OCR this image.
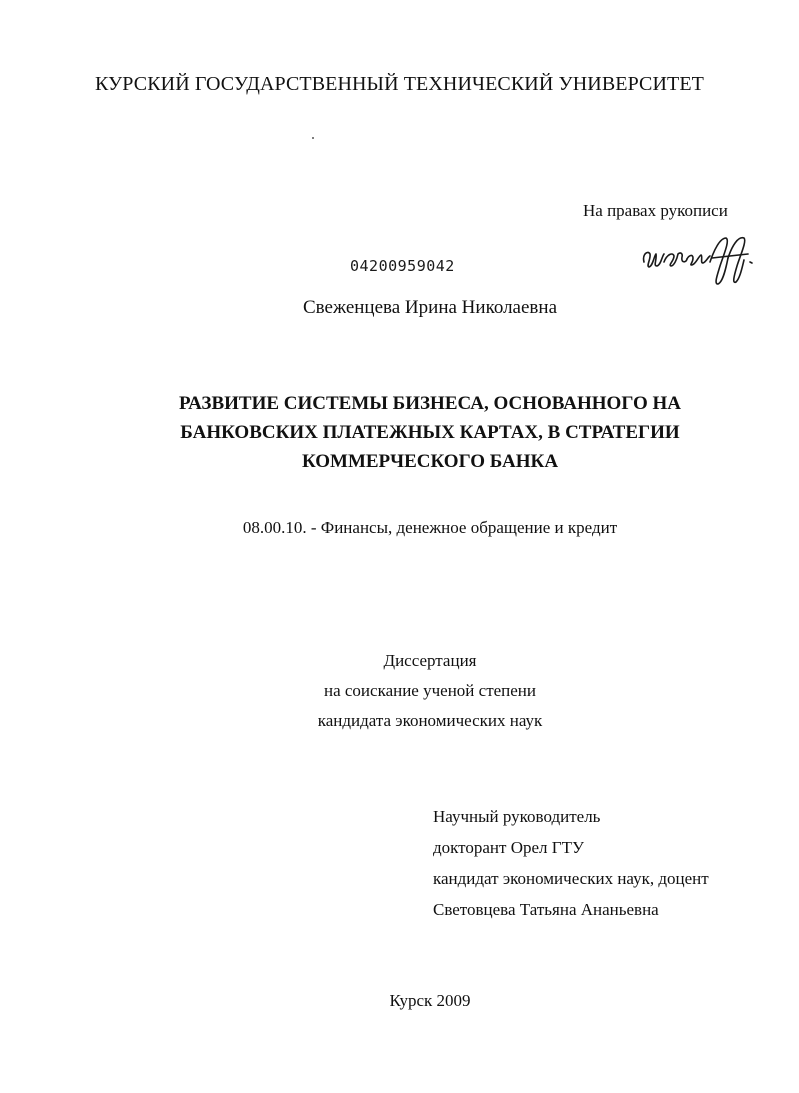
КУРСКИЙ ГОСУДАРСТВЕННЫЙ ТЕХНИЧЕСКИЙ УНИВЕРСИТЕТ
На правах рукописи
04200959042
Свеженцева Ирина Николаевна
РАЗВИТИЕ СИСТЕМЫ БИЗНЕСА, ОСНОВАННОГО НА
БАНКОВСКИХ ПЛАТЕЖНЫХ КАРТАХ, В СТРАТЕГИИ
КОММЕРЧЕСКОГО БАНКА
08.00.10. - Финансы, денежное обращение и кредит
Диссертация
на соискание ученой степени
кандидата экономических наук
Научный руководитель
докторант Орел ГТУ
кандидат экономических наук, доцент
Световцева Татьяна Ананьевна
Курск 2009
